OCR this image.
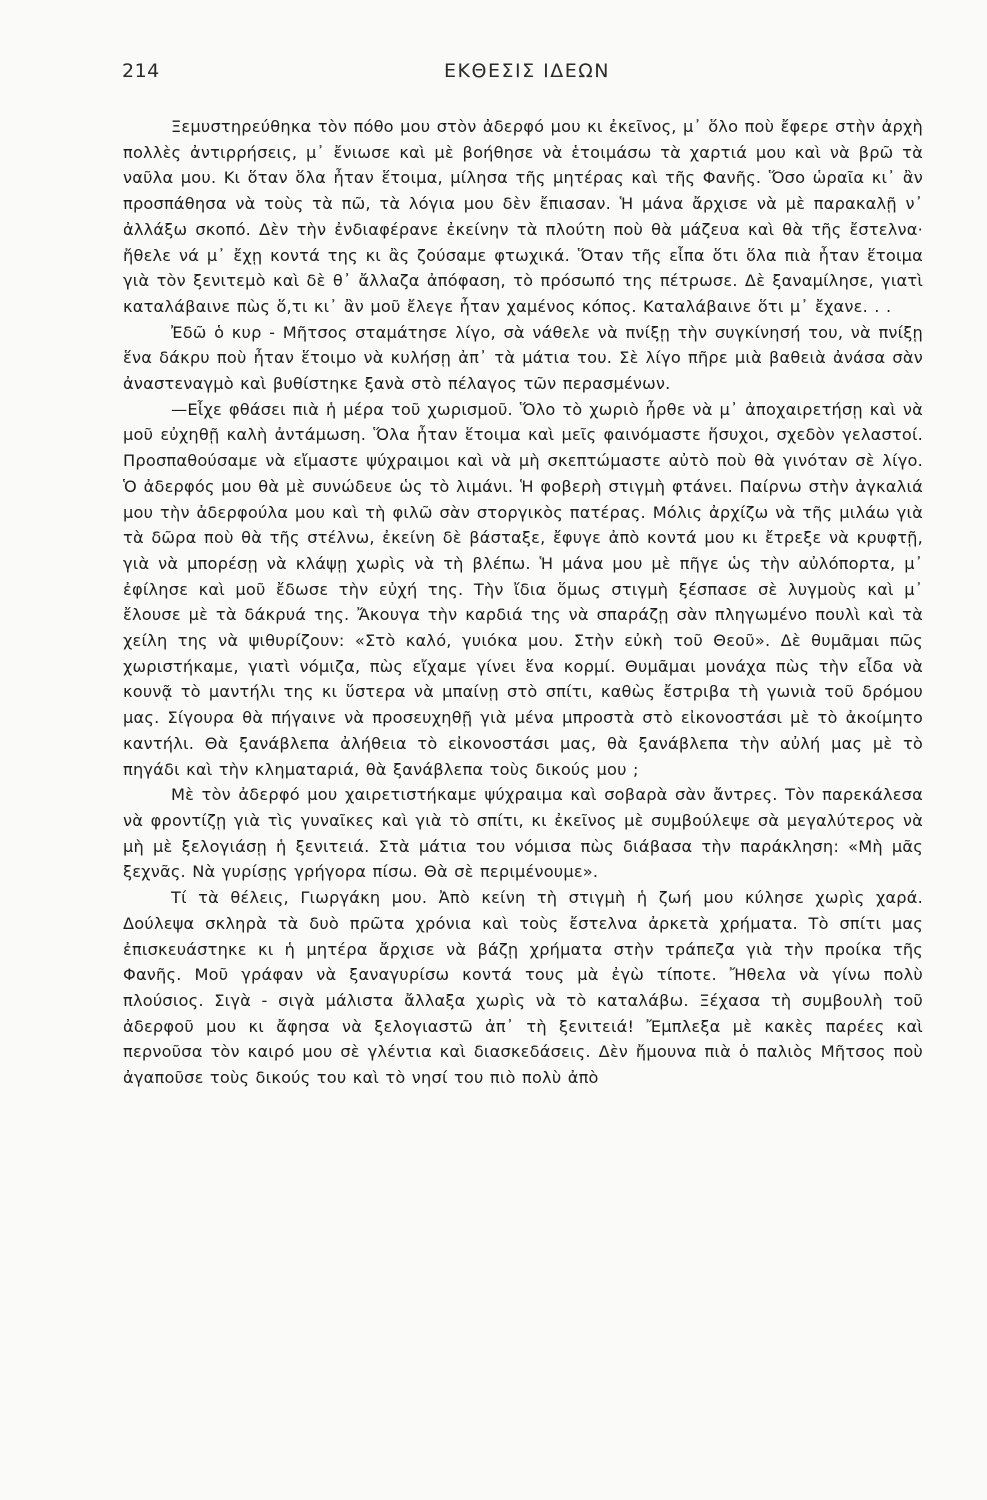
214	ΕΚΘΕΣΙΣ ΙΔΕΩΝ

Ξεμυστηρεύθηκα τὸν πόθο μου στὸν ἀδερφό μου κι ἐκεῖνος, μ᾽ ὅλο ποὺ ἔφερε στὴν ἀρχὴ πολλὲς ἀντιρρήσεις, μ᾽ ἔνιωσε καὶ μὲ βοήθησε νὰ ἑτοιμάσω τὰ χαρτιά μου καὶ νὰ βρῶ τὰ ναῦλα μου. Κι ὅταν ὅλα ἦταν ἕτοιμα, μίλησα τῆς μητέρας καὶ τῆς Φανῆς. Ὅσο ὡραῖα κι᾽ ἂν προσπάθησα νὰ τοὺς τὰ πῶ, τὰ λόγια μου δὲν ἔπιασαν. Ἡ μάνα ἄρχισε νὰ μὲ παρακαλῇ ν᾽ ἀλλάξω σκοπό. Δὲν τὴν ἐνδιαφέρανε ἐκείνην τὰ πλούτη ποὺ θὰ μάζευα καὶ θὰ τῆς ἔστελνα· ἤθελε νά μ᾽ ἔχῃ κοντά της κι ἂς ζούσαμε φτωχικά. Ὅταν τῆς εἶπα ὅτι ὅλα πιὰ ἦταν ἕτοιμα γιὰ τὸν ξενιτεμὸ καὶ δὲ θ᾽ ἄλλαζα ἀπόφαση, τὸ πρόσωπό της πέτρωσε. Δὲ ξαναμίλησε, γιατὶ καταλάβαινε πὼς ὅ,τι κι᾽ ἂν μοῦ ἔλεγε ἦταν χαμένος κόπος. Καταλάβαινε ὅτι μ᾽ ἔχανε. . .

Ἐδῶ ὁ κυρ - Μῆτσος σταμάτησε λίγο, σὰ νάθελε νὰ πνίξῃ τὴν συγκίνησή του, νὰ πνίξῃ ἕνα δάκρυ ποὺ ἦταν ἕτοιμο νὰ κυλήσῃ ἀπ᾽ τὰ μάτια του. Σὲ λίγο πῆρε μιὰ βαθειὰ ἀνάσα σὰν ἀναστεναγμὸ καὶ βυθίστηκε ξανὰ στὸ πέλαγος τῶν περασμένων.

—Εἶχε φθάσει πιὰ ἡ μέρα τοῦ χωρισμοῦ. Ὅλο τὸ χωριὸ ἦρθε νὰ μ᾽ ἀποχαιρετήσῃ καὶ νὰ μοῦ εὐχηθῇ καλὴ ἀντάμωση. Ὅλα ἦταν ἕτοιμα καὶ μεῖς φαινόμαστε ἥσυχοι, σχεδὸν γελαστοί. Προσπαθούσαμε νὰ εἴμαστε ψύχραιμοι καὶ νὰ μὴ σκεπτώμαστε αὐτὸ ποὺ θὰ γινόταν σὲ λίγο. Ὁ ἀδερφός μου θὰ μὲ συνώδευε ὡς τὸ λιμάνι. Ἡ φοβερὴ στιγμὴ φτάνει. Παίρνω στὴν ἀγκαλιά μου τὴν ἀδερφούλα μου καὶ τὴ φιλῶ σὰν στοργικὸς πατέρας. Μόλις ἀρχίζω νὰ τῆς μιλάω γιὰ τὰ δῶρα ποὺ θὰ τῆς στέλνω, ἐκείνη δὲ βάσταξε, ἔφυγε ἀπὸ κοντά μου κι ἔτρεξε νὰ κρυφτῇ, γιὰ νὰ μπορέσῃ νὰ κλάψῃ χωρὶς νὰ τὴ βλέπω. Ἡ μάνα μου μὲ πῆγε ὡς τὴν αὐλόπορτα, μ᾽ ἐφίλησε καὶ μοῦ ἔδωσε τὴν εὐχή της. Τὴν ἴδια ὅμως στιγμὴ ξέσπασε σὲ λυγμοὺς καὶ μ᾽ ἔλουσε μὲ τὰ δάκρυά της. Ἄκουγα τὴν καρδιά της νὰ σπαράζῃ σὰν πληγωμένο πουλὶ καὶ τὰ χείλη της νὰ ψιθυρίζουν: «Στὸ καλό, γυιόκα μου. Στὴν εὐκὴ τοῦ Θεοῦ». Δὲ θυμᾶμαι πῶς χωριστήκαμε, γιατὶ νόμιζα, πὼς εἴχαμε γίνει ἕνα κορμί. Θυμᾶμαι μονάχα πὼς τὴν εἶδα νὰ κουνᾷ τὸ μαντήλι της κι ὕστερα νὰ μπαίνῃ στὸ σπίτι, καθὼς ἔστριβα τὴ γωνιὰ τοῦ δρόμου μας. Σίγουρα θὰ πήγαινε νὰ προσευχηθῇ γιὰ μένα μπροστὰ στὸ εἰκονοστάσι μὲ τὸ ἀκοίμητο καντήλι. Θὰ ξανάβλεπα ἀλήθεια τὸ εἰκονοστάσι μας, θὰ ξανάβλεπα τὴν αὐλή μας μὲ τὸ πηγάδι καὶ τὴν κληματαριά, θὰ ξανάβλεπα τοὺς δικούς μου ;

Μὲ τὸν ἀδερφό μου χαιρετιστήκαμε ψύχραιμα καὶ σοβαρὰ σὰν ἄντρες. Τὸν παρεκάλεσα νὰ φροντίζῃ γιὰ τὶς γυναῖκες καὶ γιὰ τὸ σπίτι, κι ἐκεῖνος μὲ συμβούλεψε σὰ μεγαλύτερος νὰ μὴ μὲ ξελογιάσῃ ἡ ξενιτειά. Στὰ μάτια του νόμισα πὼς διάβασα τὴν παράκληση: «Μὴ μᾶς ξεχνᾶς. Νὰ γυρίσῃς γρήγορα πίσω. Θὰ σὲ περιμένουμε».

Τί τὰ θέλεις, Γιωργάκη μου. Ἀπὸ κείνη τὴ στιγμὴ ἡ ζωή μου κύλησε χωρὶς χαρά. Δούλεψα σκληρὰ τὰ δυὸ πρῶτα χρόνια καὶ τοὺς ἔστελνα ἀρκετὰ χρήματα. Τὸ σπίτι μας ἐπισκευάστηκε κι ἡ μητέρα ἄρχισε νὰ βάζῃ χρήματα στὴν τράπεζα γιὰ τὴν προίκα τῆς Φανῆς. Μοῦ γράφαν νὰ ξαναγυρίσω κοντά τους μὰ ἐγὼ τίποτε. Ἤθελα νὰ γίνω πολὺ πλούσιος. Σιγὰ - σιγὰ μάλιστα ἄλλαξα χωρὶς νὰ τὸ καταλάβω. Ξέχασα τὴ συμβουλὴ τοῦ ἀδερφοῦ μου κι ἄφησα νὰ ξελογιαστῶ ἀπ᾽ τὴ ξενιτειά! Ἔμπλεξα μὲ κακὲς παρέες καὶ περνοῦσα τὸν καιρό μου σὲ γλέντια καὶ διασκεδάσεις. Δὲν ἤμουνα πιὰ ὁ παλιὸς Μῆτσος ποὺ ἀγαποῦσε τοὺς δικούς του καὶ τὸ νησί του πιὸ πολὺ ἀπὸ
